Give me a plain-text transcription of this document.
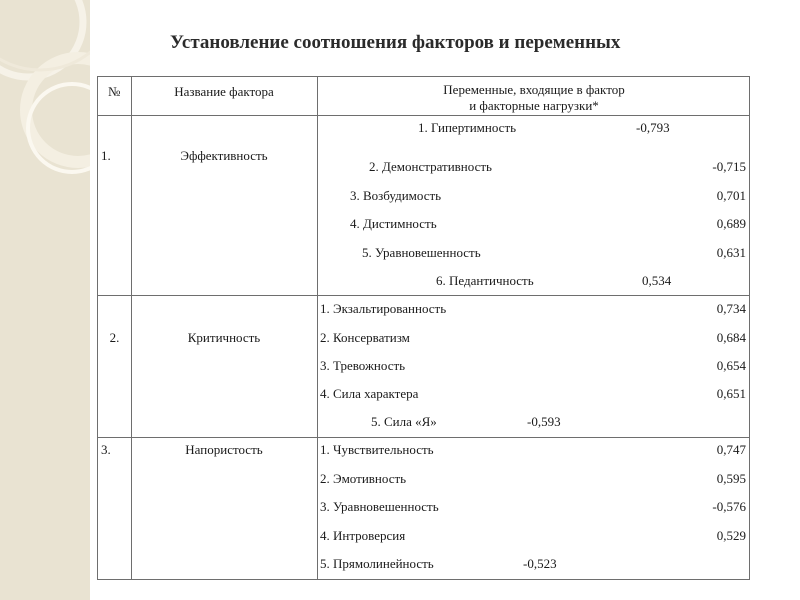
Установление соотношения факторов и переменных
№	Название фактора	Переменные, входящие в фактор
и факторные нагрузки*
1.	Эффективность
1. Гипертимность	-0,793
2. Демонстративность	-0,715
3. Возбудимость	0,701
4. Дистимность	0,689
5. Уравновешенность	0,631
6. Педантичность	0,534
2.	Критичность
1. Экзальтированность	0,734
2. Консерватизм	0,684
3. Тревожность	0,654
4. Сила характера	0,651
5. Сила «Я»	-0,593
3.	Напористость	1. Чувствительность	0,747
2. Эмотивность	0,595
3. Уравновешенность	-0,576
4. Интроверсия	0,529
5. Прямолинейность	-0,523
